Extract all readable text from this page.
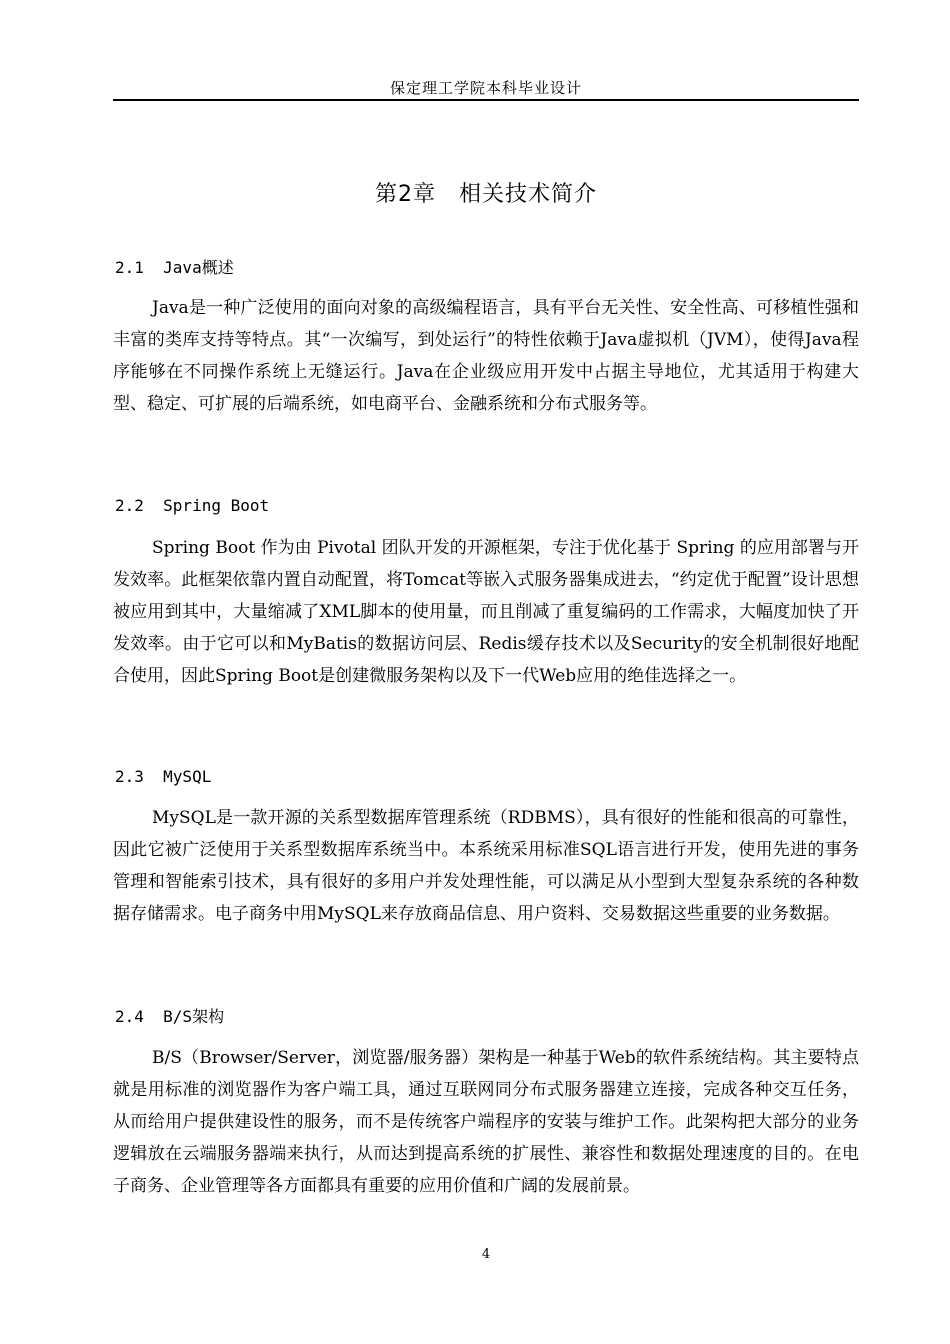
保定理工学院本科毕业设计
第2章　相关技术简介
2.1  Java概述

Java是一种广泛使用的面向对象的高级编程语言，具有平台无关性、安全性高、可移植性强和丰富的类库支持等特点。其“一次编写，到处运行”的特性依赖于Java虚拟机（JVM），使得Java程序能够在不同操作系统上无缝运行。Java在企业级应用开发中占据主导地位，尤其适用于构建大型、稳定、可扩展的后端系统，如电商平台、金融系统和分布式服务等。

2.2  Spring Boot

Spring Boot 作为由 Pivotal 团队开发的开源框架，专注于优化基于 Spring 的应用部署与开发效率。此框架依靠内置自动配置，将Tomcat等嵌入式服务器集成进去，“约定优于配置”设计思想被应用到其中，大量缩减了XML脚本的使用量，而且削减了重复编码的工作需求，大幅度加快了开发效率。由于它可以和MyBatis的数据访问层、Redis缓存技术以及Security的安全机制很好地配合使用，因此Spring Boot是创建微服务架构以及下一代Web应用的绝佳选择之一。

2.3  MySQL

MySQL是一款开源的关系型数据库管理系统（RDBMS），具有很好的性能和很高的可靠性，因此它被广泛使用于关系型数据库系统当中。本系统采用标准SQL语言进行开发，使用先进的事务管理和智能索引技术，具有很好的多用户并发处理性能，可以满足从小型到大型复杂系统的各种数据存储需求。电子商务中用MySQL来存放商品信息、用户资料、交易数据这些重要的业务数据。

2.4  B/S架构

B/S（Browser/Server，浏览器/服务器）架构是一种基于Web的软件系统结构。其主要特点就是用标准的浏览器作为客户端工具，通过互联网同分布式服务器建立连接，完成各种交互任务，从而给用户提供建设性的服务，而不是传统客户端程序的安装与维护工作。此架构把大部分的业务逻辑放在云端服务器端来执行，从而达到提高系统的扩展性、兼容性和数据处理速度的目的。在电子商务、企业管理等各方面都具有重要的应用价值和广阔的发展前景。

4
